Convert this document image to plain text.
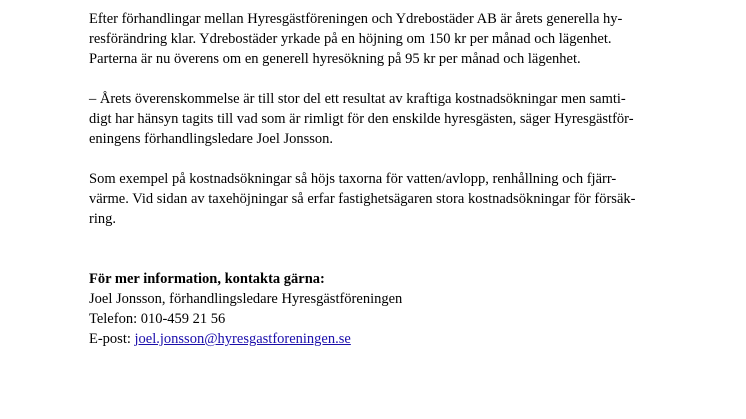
Efter förhandlingar mellan Hyresgästföreningen och Ydrebostäder AB är årets generella hy-
resförändring klar. Ydrebostäder yrkade på en höjning om 150 kr per månad och lägenhet.
Parterna är nu överens om en generell hyresökning på 95 kr per månad och lägenhet.

– Årets överenskommelse är till stor del ett resultat av kraftiga kostnadsökningar men samti-
digt har hänsyn tagits till vad som är rimligt för den enskilde hyresgästen, säger Hyresgästför-
eningens förhandlingsledare Joel Jonsson.

Som exempel på kostnadsökningar så höjs taxorna för vatten/avlopp, renhållning och fjärr-
värme. Vid sidan av taxehöjningar så erfar fastighetsägaren stora kostnadsökningar för försäk-
ring.

För mer information, kontakta gärna:
Joel Jonsson, förhandlingsledare Hyresgästföreningen
Telefon: 010-459 21 56
E-post: joel.jonsson@hyresgastforeningen.se
